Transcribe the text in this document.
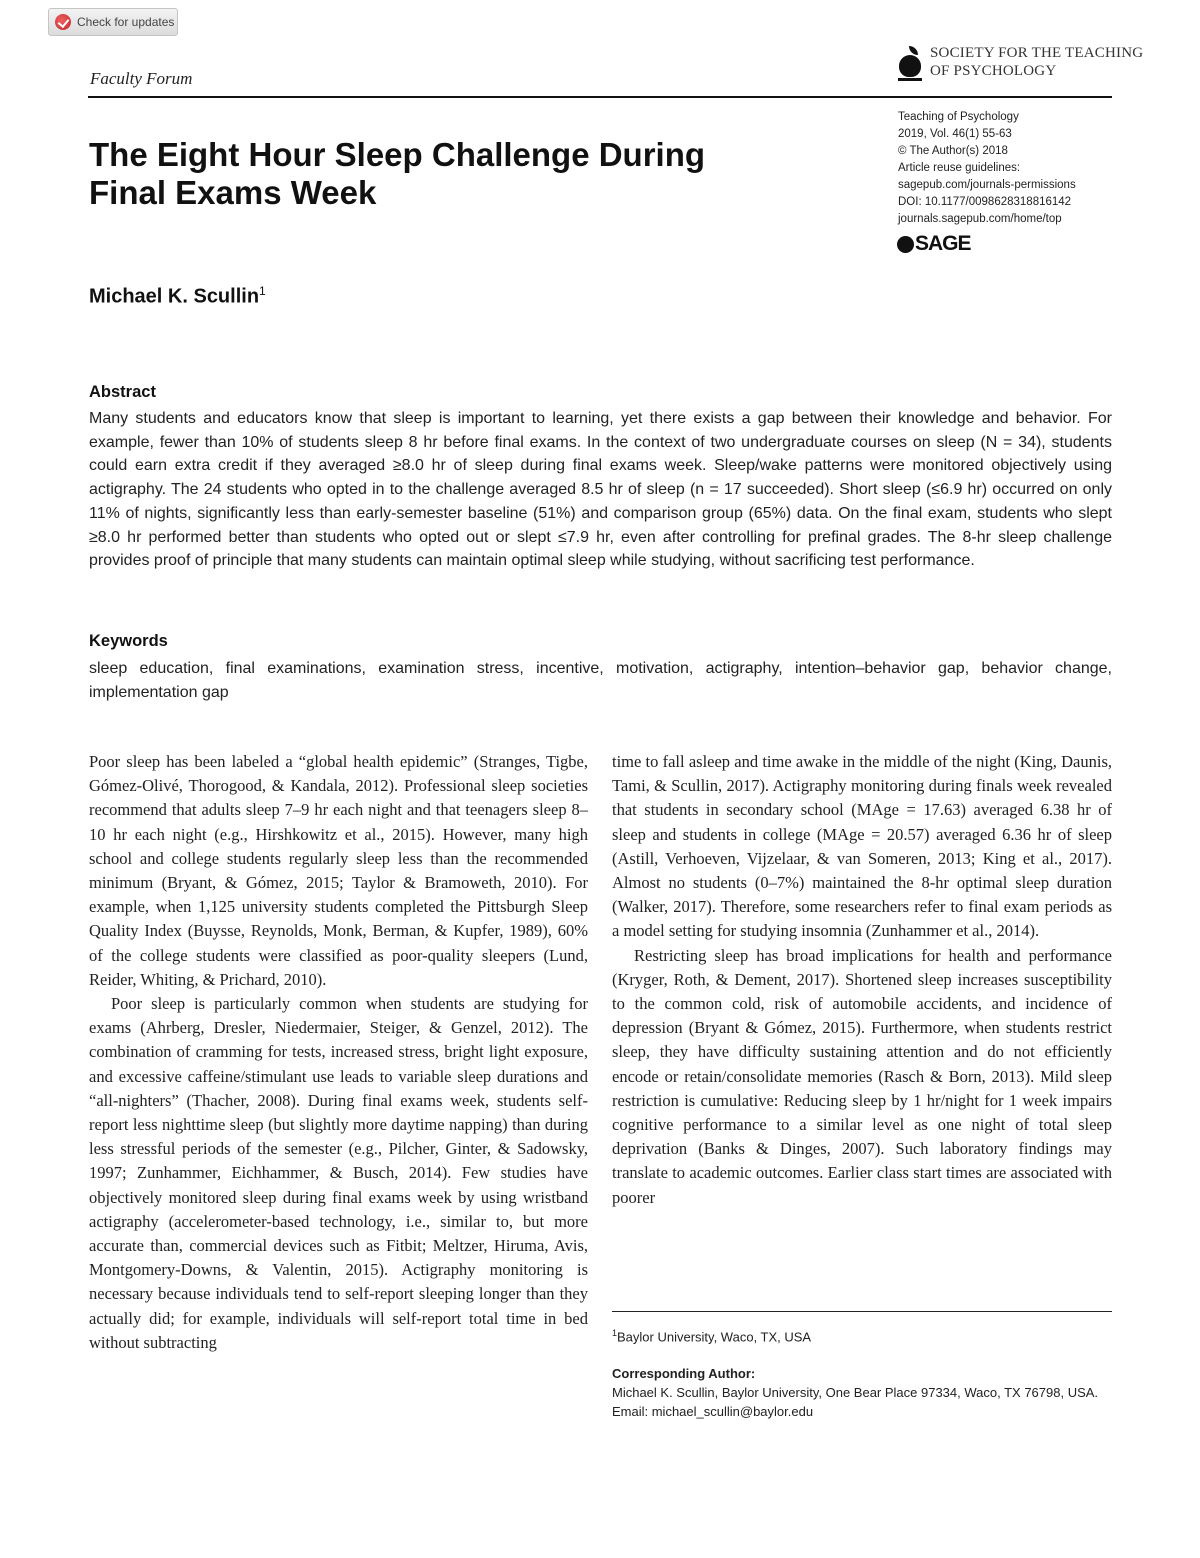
Check for updates
Faculty Forum
SOCIETY FOR THE TEACHING
OF PSYCHOLOGY
Teaching of Psychology
2019, Vol. 46(1) 55-63
© The Author(s) 2018
Article reuse guidelines:
sagepub.com/journals-permissions
DOI: 10.1177/0098628318816142
journals.sagepub.com/home/top
SAGE
The Eight Hour Sleep Challenge During Final Exams Week
Michael K. Scullin$^1$
Abstract
Many students and educators know that sleep is important to learning, yet there exists a gap between their knowledge and behavior. For example, fewer than 10% of students sleep 8 hr before final exams. In the context of two undergraduate courses on sleep (N = 34), students could earn extra credit if they averaged ≥8.0 hr of sleep during final exams week. Sleep/wake patterns were monitored objectively using actigraphy. The 24 students who opted in to the challenge averaged 8.5 hr of sleep (n = 17 succeeded). Short sleep (≤6.9 hr) occurred on only 11% of nights, significantly less than early-semester baseline (51%) and comparison group (65%) data. On the final exam, students who slept ≥8.0 hr performed better than students who opted out or slept ≤7.9 hr, even after controlling for prefinal grades. The 8-hr sleep challenge provides proof of principle that many students can maintain optimal sleep while studying, without sacrificing test performance.
Keywords
sleep education, final examinations, examination stress, incentive, motivation, actigraphy, intention–behavior gap, behavior change, implementation gap

Poor sleep has been labeled a “global health epidemic” (Stranges, Tigbe, Gómez-Olivé, Thorogood, & Kandala, 2012). Professional sleep societies recommend that adults sleep 7–9 hr each night and that teenagers sleep 8–10 hr each night (e.g., Hirshkowitz et al., 2015). However, many high school and college students regularly sleep less than the recommended minimum (Bryant, & Gómez, 2015; Taylor & Bramoweth, 2010). For example, when 1,125 university students completed the Pittsburgh Sleep Quality Index (Buysse, Reynolds, Monk, Berman, & Kupfer, 1989), 60% of the college students were classified as poor-quality sleepers (Lund, Reider, Whiting, & Prichard, 2010).

Poor sleep is particularly common when students are studying for exams (Ahrberg, Dresler, Niedermaier, Steiger, & Genzel, 2012). The combination of cramming for tests, increased stress, bright light exposure, and excessive caffeine/stimulant use leads to variable sleep durations and “all-nighters” (Thacher, 2008). During final exams week, students self-report less nighttime sleep (but slightly more daytime napping) than during less stressful periods of the semester (e.g., Pilcher, Ginter, & Sadowsky, 1997; Zunhammer, Eichhammer, & Busch, 2014). Few studies have objectively monitored sleep during final exams week by using wristband actigraphy (accelerometer-based technology, i.e., similar to, but more accurate than, commercial devices such as Fitbit; Meltzer, Hiruma, Avis, Montgomery-Downs, & Valentin, 2015). Actigraphy monitoring is necessary because individuals tend to self-report sleeping longer than they actually did; for example, individuals will self-report total time in bed without subtracting

time to fall asleep and time awake in the middle of the night (King, Daunis, Tami, & Scullin, 2017). Actigraphy monitoring during finals week revealed that students in secondary school (MAge = 17.63) averaged 6.38 hr of sleep and students in college (MAge = 20.57) averaged 6.36 hr of sleep (Astill, Verhoeven, Vijzelaar, & van Someren, 2013; King et al., 2017). Almost no students (0–7%) maintained the 8-hr optimal sleep duration (Walker, 2017). Therefore, some researchers refer to final exam periods as a model setting for studying insomnia (Zunhammer et al., 2014).

Restricting sleep has broad implications for health and performance (Kryger, Roth, & Dement, 2017). Shortened sleep increases susceptibility to the common cold, risk of automobile accidents, and incidence of depression (Bryant & Gómez, 2015). Furthermore, when students restrict sleep, they have difficulty sustaining attention and do not efficiently encode or retain/consolidate memories (Rasch & Born, 2013). Mild sleep restriction is cumulative: Reducing sleep by 1 hr/night for 1 week impairs cognitive performance to a similar level as one night of total sleep deprivation (Banks & Dinges, 2007). Such laboratory findings may translate to academic outcomes. Earlier class start times are associated with poorer

$^1$Baylor University, Waco, TX, USA
Corresponding Author:
Michael K. Scullin, Baylor University, One Bear Place 97334, Waco, TX 76798, USA.
Email: michael_scullin@baylor.edu
